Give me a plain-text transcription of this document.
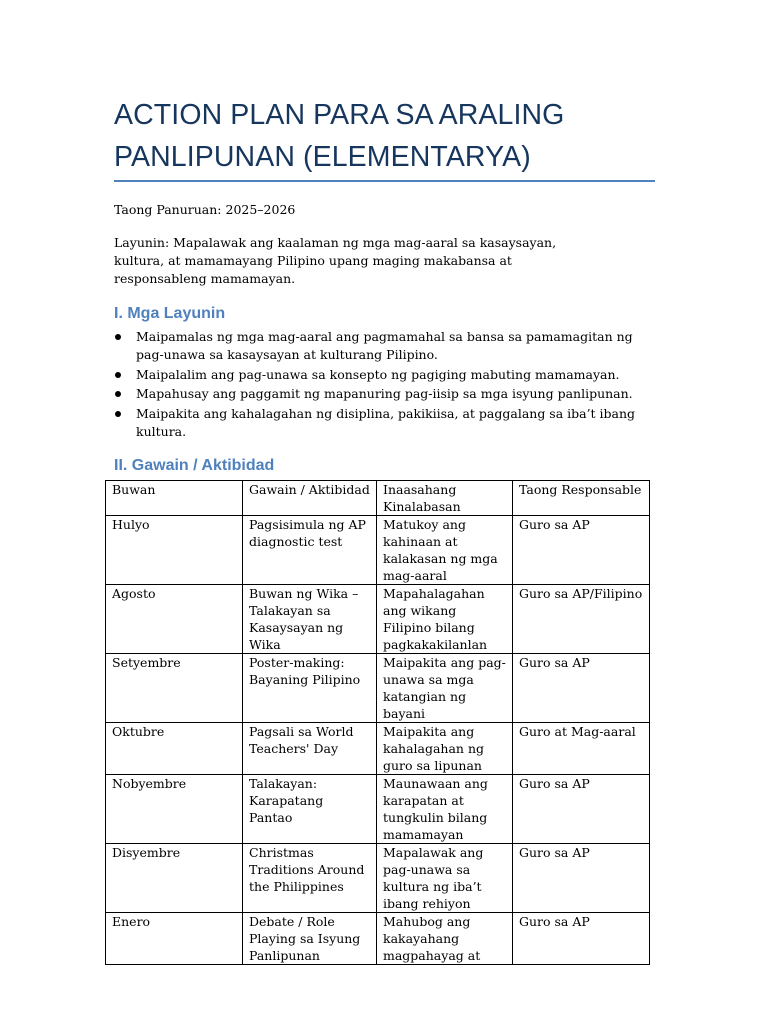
ACTION PLAN PARA SA ARALING PANLIPUNAN (ELEMENTARYA)
Taong Panuruan: 2025–2026

Layunin: Mapalawak ang kaalaman ng mga mag-aaral sa kasaysayan, kultura, at mamamayang Pilipino upang maging makabansa at responsableng mamamayan.

I. Mga Layunin
Maipamalas ng mga mag-aaral ang pagmamahal sa bansa sa pamamagitan ng pag-unawa sa kasaysayan at kulturang Pilipino.
Maipalalim ang pag-unawa sa konsepto ng pagiging mabuting mamamayan.
Mapahusay ang paggamit ng mapanuring pag-iisip sa mga isyung panlipunan.
Maipakita ang kahalagahan ng disiplina, pakikiisa, at paggalang sa iba’t ibang kultura.
II. Gawain / Aktibidad
Buwan	Gawain / Aktibidad	Inaasahang Kinalabasan	Taong Responsable
Hulyo	Pagsisimula ng AP diagnostic test	Matukoy ang kahinaan at kalakasan ng mga mag-aaral	Guro sa AP
Agosto	Buwan ng Wika – Talakayan sa Kasaysayan ng Wika	Mapahalagahan ang wikang Filipino bilang pagkakakilanlan	Guro sa AP/Filipino
Setyembre	Poster-making: Bayaning Pilipino	Maipakita ang pag-unawa sa mga katangian ng bayani	Guro sa AP
Oktubre	Pagsali sa World Teachers' Day	Maipakita ang kahalagahan ng guro sa lipunan	Guro at Mag-aaral
Nobyembre	Talakayan: Karapatang Pantao	Maunawaan ang karapatan at tungkulin bilang mamamayan	Guro sa AP
Disyembre	Christmas Traditions Around the Philippines	Mapalawak ang pag-unawa sa kultura ng iba’t ibang rehiyon	Guro sa AP
Enero	Debate / Role Playing sa Isyung Panlipunan	Mahubog ang kakayahang magpahayag at	Guro sa AP
